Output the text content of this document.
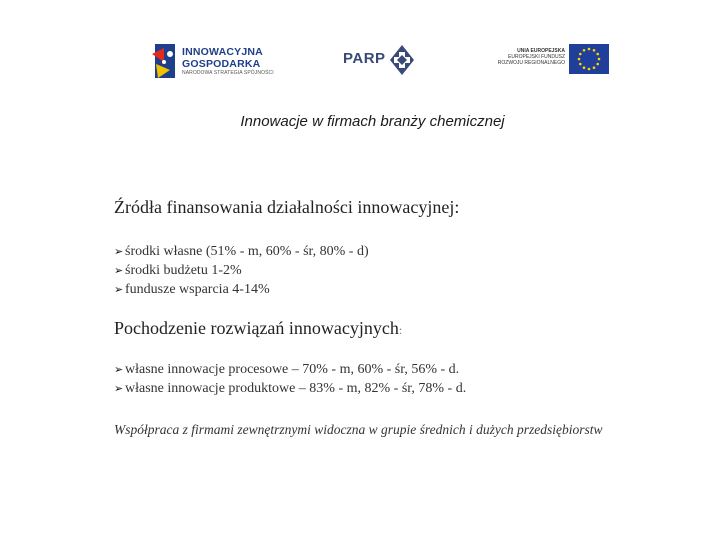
INNOWACYJNA
GOSPODARKA
NARODOWA STRATEGIA SPÓJNOŚCI
PARP	UNIA EUROPEJSKA
EUROPEJSKI FUNDUSZ
ROZWOJU REGIONALNEGO
Innowacje w firmach branży chemicznej
Źródła finansowania działalności innowacyjnej:
➢ środki własne (51% - m, 60% - śr, 80% - d)
➢ środki budżetu 1-2%
➢ fundusze wsparcia 4-14%
Pochodzenie rozwiązań innowacyjnych:
➢ własne innowacje procesowe – 70% - m, 60% - śr, 56% - d.
➢ własne innowacje produktowe – 83% - m, 82% - śr, 78% - d.
Współpraca z firmami zewnętrznymi widoczna w grupie średnich i dużych przedsiębiorstw
